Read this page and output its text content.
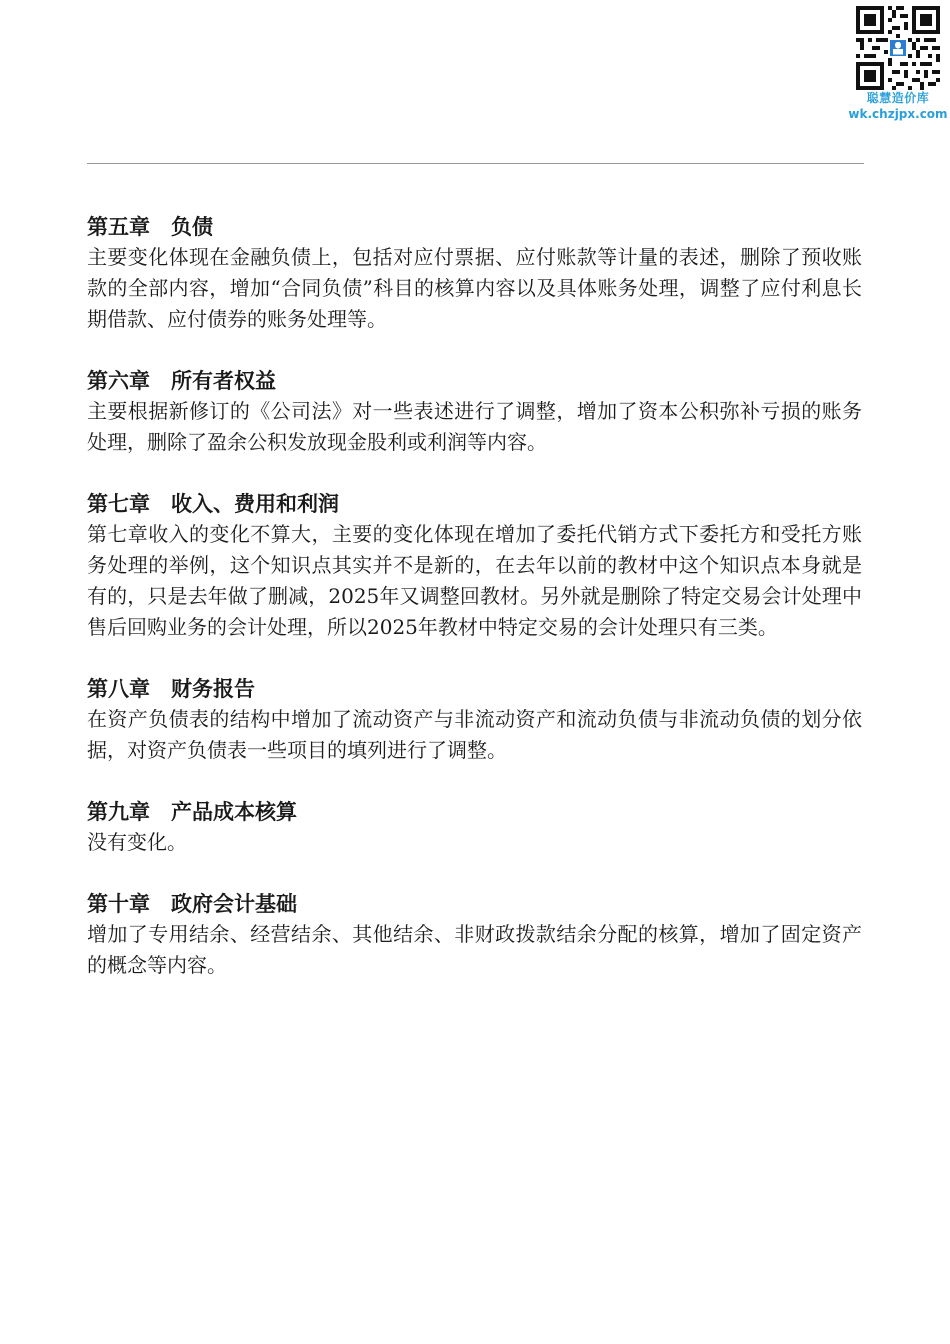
聪慧造价库
wk.chzjpx.com
第五章　负债
主要变化体现在金融负债上，包括对应付票据、应付账款等计量的表述，删除了预收账款的全部内容，增加“合同负债”科目的核算内容以及具体账务处理，调整了应付利息长期借款、应付债券的账务处理等。
第六章　所有者权益
主要根据新修订的《公司法》对一些表述进行了调整，增加了资本公积弥补亏损的账务处理，删除了盈余公积发放现金股利或利润等内容。
第七章　收入、费用和利润
第七章收入的变化不算大，主要的变化体现在增加了委托代销方式下委托方和受托方账务处理的举例，这个知识点其实并不是新的，在去年以前的教材中这个知识点本身就是有的，只是去年做了删减，2025年又调整回教材。另外就是删除了特定交易会计处理中售后回购业务的会计处理，所以2025年教材中特定交易的会计处理只有三类。
第八章　财务报告
在资产负债表的结构中增加了流动资产与非流动资产和流动负债与非流动负债的划分依据，对资产负债表一些项目的填列进行了调整。
第九章　产品成本核算
没有变化。
第十章　政府会计基础
增加了专用结余、经营结余、其他结余、非财政拨款结余分配的核算，增加了固定资产的概念等内容。
